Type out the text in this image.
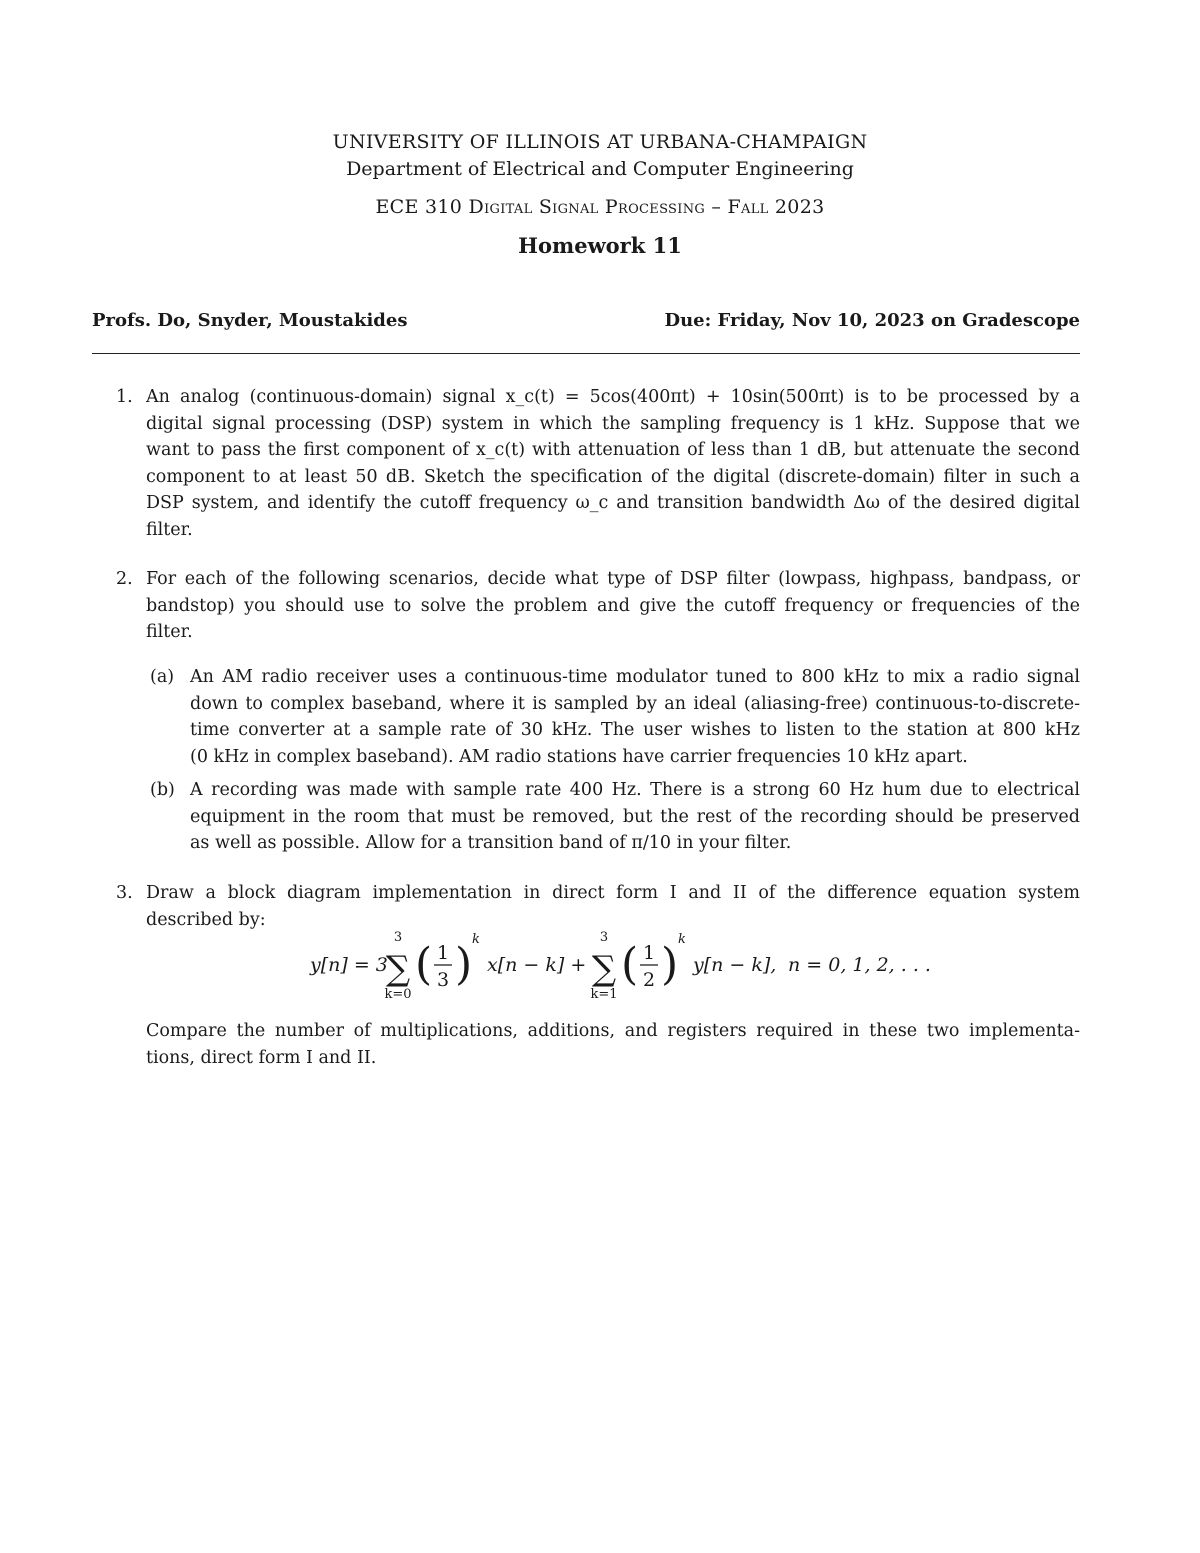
UNIVERSITY OF ILLINOIS AT URBANA-CHAMPAIGN
Department of Electrical and Computer Engineering
ECE 310 Digital Signal Processing – Fall 2023
Homework 11
Profs. Do, Snyder, Moustakides	Due: Friday, Nov 10, 2023 on Gradescope
1. An analog (continuous-domain) signal x_c(t) = 5cos(400πt) + 10sin(500πt) is to be processed by a
digital signal processing (DSP) system in which the sampling frequency is 1 kHz. Suppose that we
want to pass the first component of x_c(t) with attenuation of less than 1 dB, but attenuate the second
component to at least 50 dB. Sketch the specification of the digital (discrete-domain) filter in such a
DSP system, and identify the cutoff frequency ω_c and transition bandwidth Δω of the desired digital
filter.
2. For each of the following scenarios, decide what type of DSP filter (lowpass, highpass, bandpass, or
bandstop) you should use to solve the problem and give the cutoff frequency or frequencies of the
filter.
(a) An AM radio receiver uses a continuous-time modulator tuned to 800 kHz to mix a radio signal
down to complex baseband, where it is sampled by an ideal (aliasing-free) continuous-to-discrete-
time converter at a sample rate of 30 kHz. The user wishes to listen to the station at 800 kHz
(0 kHz in complex baseband). AM radio stations have carrier frequencies 10 kHz apart.
(b) A recording was made with sample rate 400 Hz. There is a strong 60 Hz hum due to electrical
equipment in the room that must be removed, but the rest of the recording should be preserved
as well as possible. Allow for a transition band of π/10 in your filter.
3. Draw a block diagram implementation in direct form I and II of the difference equation system
described by:
y[n] = 3
3
∑
k=0
( 1
3 ) k
x[n − k] +
3
∑
k=1
( 1
2 ) k
y[n − k], n = 0, 1, 2, . . .
Compare the number of multiplications, additions, and registers required in these two implementa-
tions, direct form I and II.
